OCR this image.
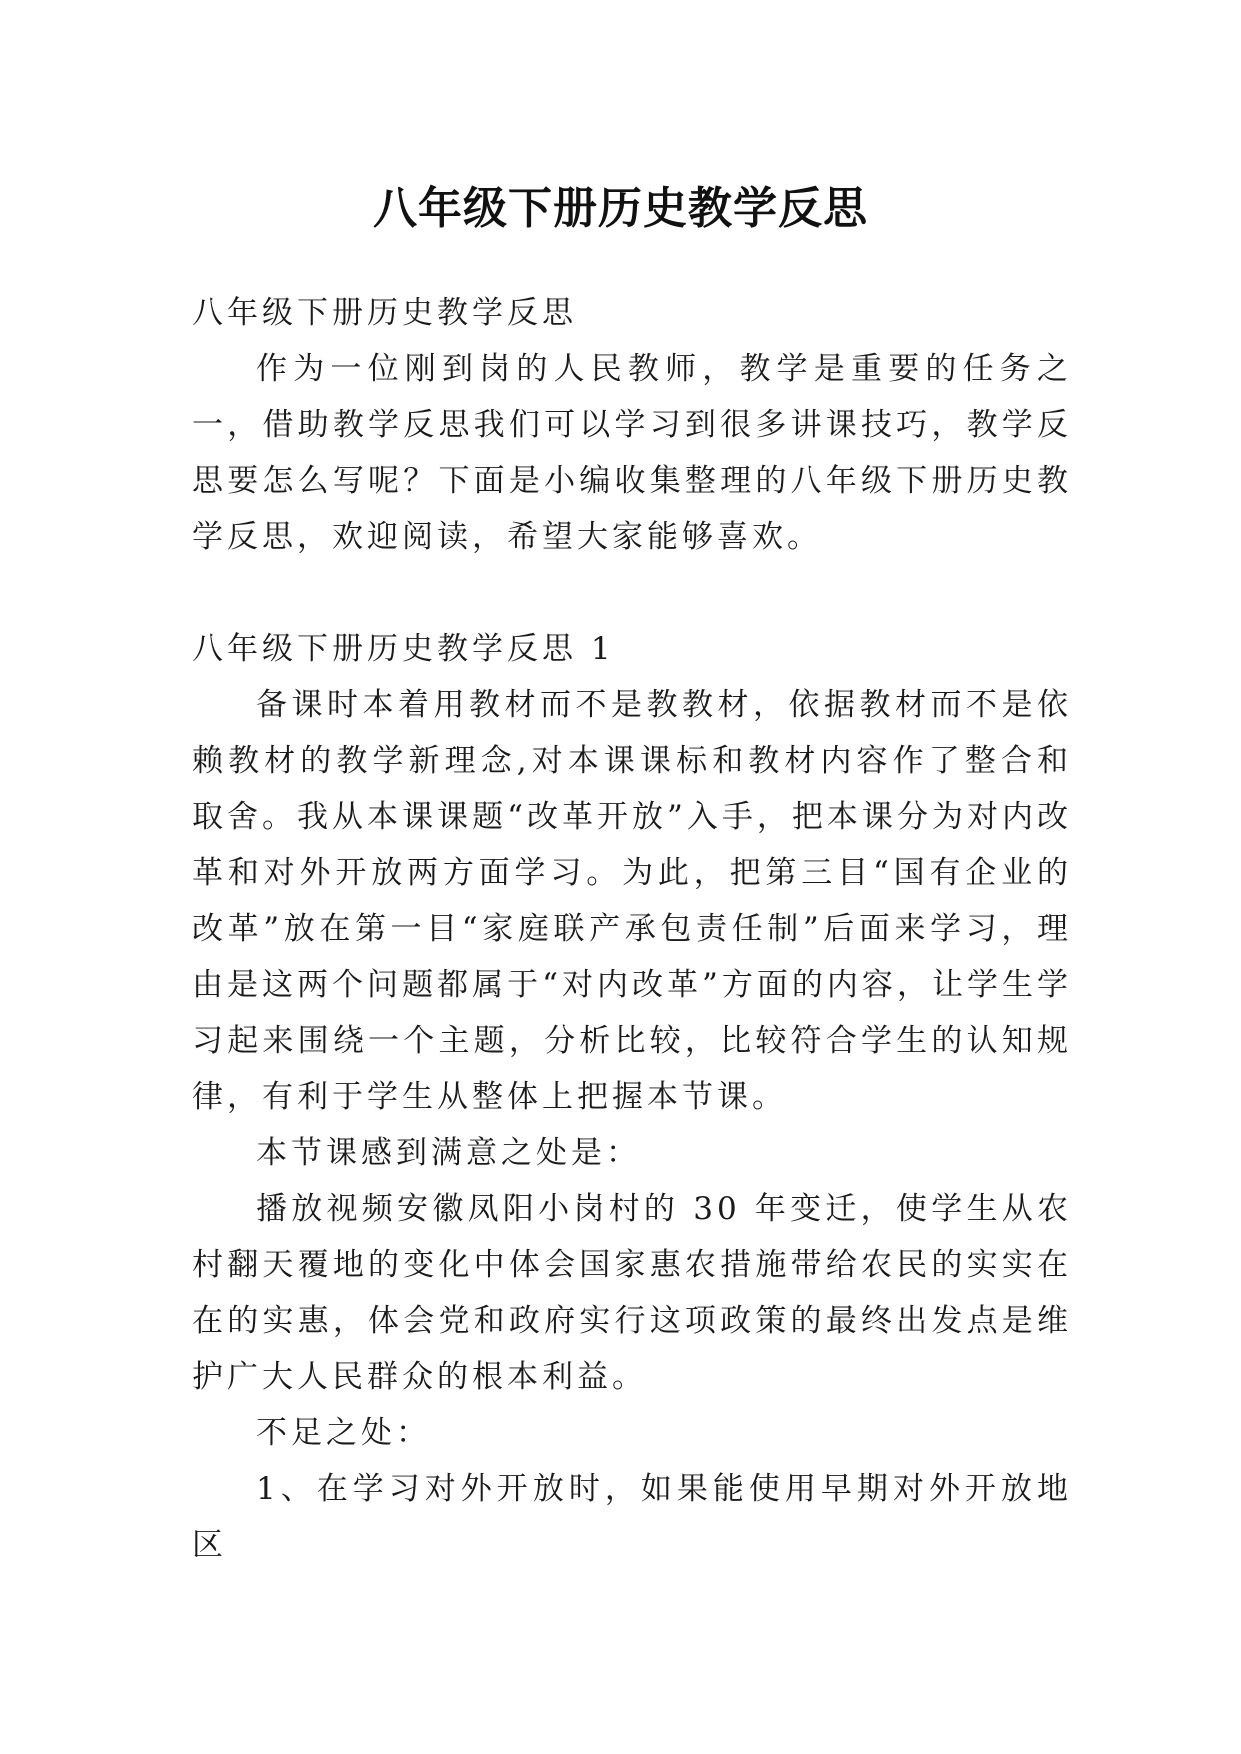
八年级下册历史教学反思

八年级下册历史教学反思

作为一位刚到岗的人民教师，教学是重要的任务之一，借助教学反思我们可以学习到很多讲课技巧，教学反思要怎么写呢？下面是小编收集整理的八年级下册历史教学反思，欢迎阅读，希望大家能够喜欢。

八年级下册历史教学反思 1

备课时本着用教材而不是教教材，依据教材而不是依赖教材的教学新理念,对本课课标和教材内容作了整合和取舍。我从本课课题“改革开放”入手，把本课分为对内改革和对外开放两方面学习。为此，把第三目“国有企业的改革”放在第一目“家庭联产承包责任制”后面来学习，理由是这两个问题都属于“对内改革”方面的内容，让学生学习起来围绕一个主题，分析比较，比较符合学生的认知规律，有利于学生从整体上把握本节课。

本节课感到满意之处是：

播放视频安徽凤阳小岗村的 30 年变迁，使学生从农村翻天覆地的变化中体会国家惠农措施带给农民的实实在在的实惠，体会党和政府实行这项政策的最终出发点是维护广大人民群众的根本利益。

不足之处：

1、在学习对外开放时，如果能使用早期对外开放地区
